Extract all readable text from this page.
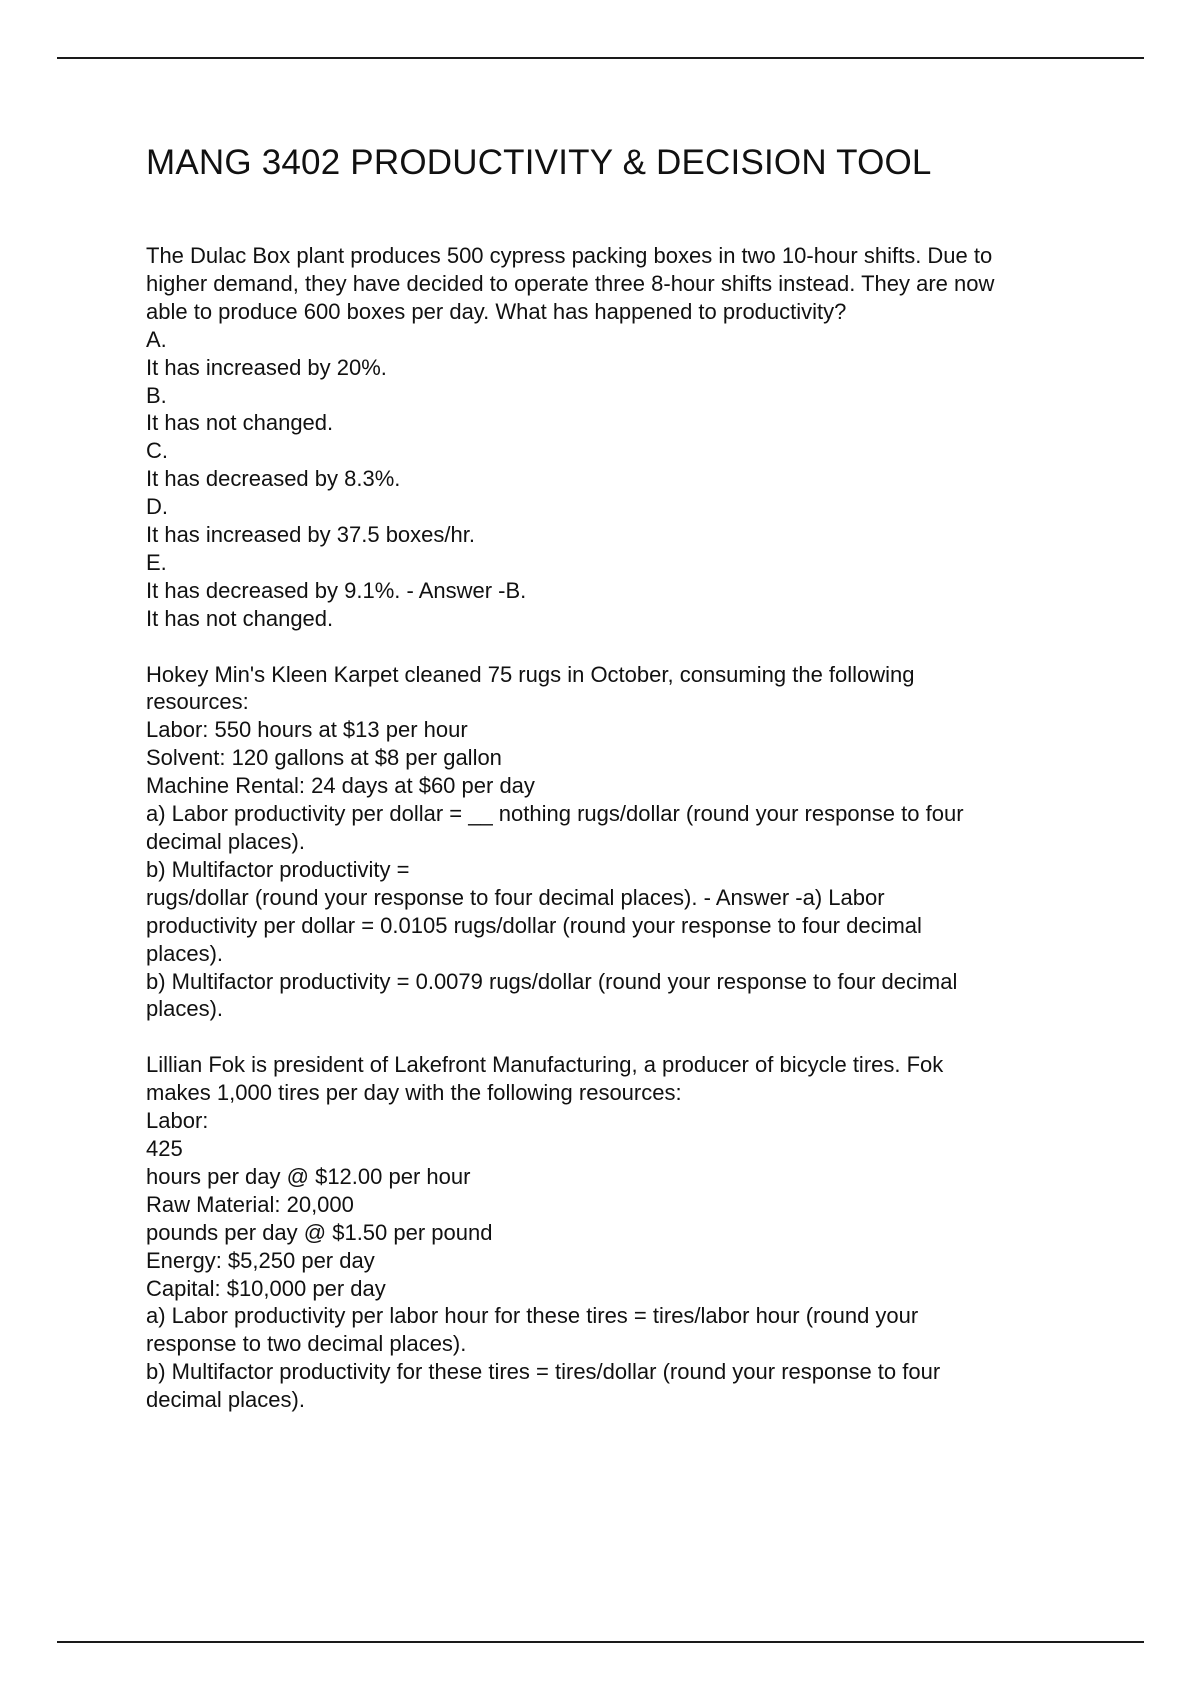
MANG 3402 PRODUCTIVITY & DECISION TOOL
The Dulac Box plant produces 500 cypress packing boxes in two 10-hour shifts. Due to
higher demand, they have decided to operate three 8-hour shifts instead. They are now
able to produce 600 boxes per day. What has happened to productivity?
A.
It has increased by 20%.
B.
It has not changed.
C.
It has decreased by 8.3%.
D.
It has increased by 37.5 boxes/hr.
E.
It has decreased by 9.1%. - Answer -B.
It has not changed.
Hokey Min's Kleen Karpet cleaned 75 rugs in October, consuming the following
resources:
Labor: 550 hours at $13 per hour
Solvent: 120 gallons at $8 per gallon
Machine Rental: 24 days at $60 per day
a) Labor productivity per dollar = __ nothing rugs/dollar (round your response to four
decimal places).
b) Multifactor productivity =
rugs/dollar (round your response to four decimal places). - Answer -a) Labor
productivity per dollar = 0.0105 rugs/dollar (round your response to four decimal
places).
b) Multifactor productivity = 0.0079 rugs/dollar (round your response to four decimal
places).
Lillian Fok is president of Lakefront Manufacturing, a producer of bicycle tires. Fok
makes 1,000 tires per day with the following resources:
Labor:
425
hours per day @ $12.00 per hour
Raw Material: 20,000
pounds per day @ $1.50 per pound
Energy: $5,250 per day
Capital: $10,000 per day
a) Labor productivity per labor hour for these tires = tires/labor hour (round your
response to two decimal places).
b) Multifactor productivity for these tires = tires/dollar (round your response to four
decimal places).
